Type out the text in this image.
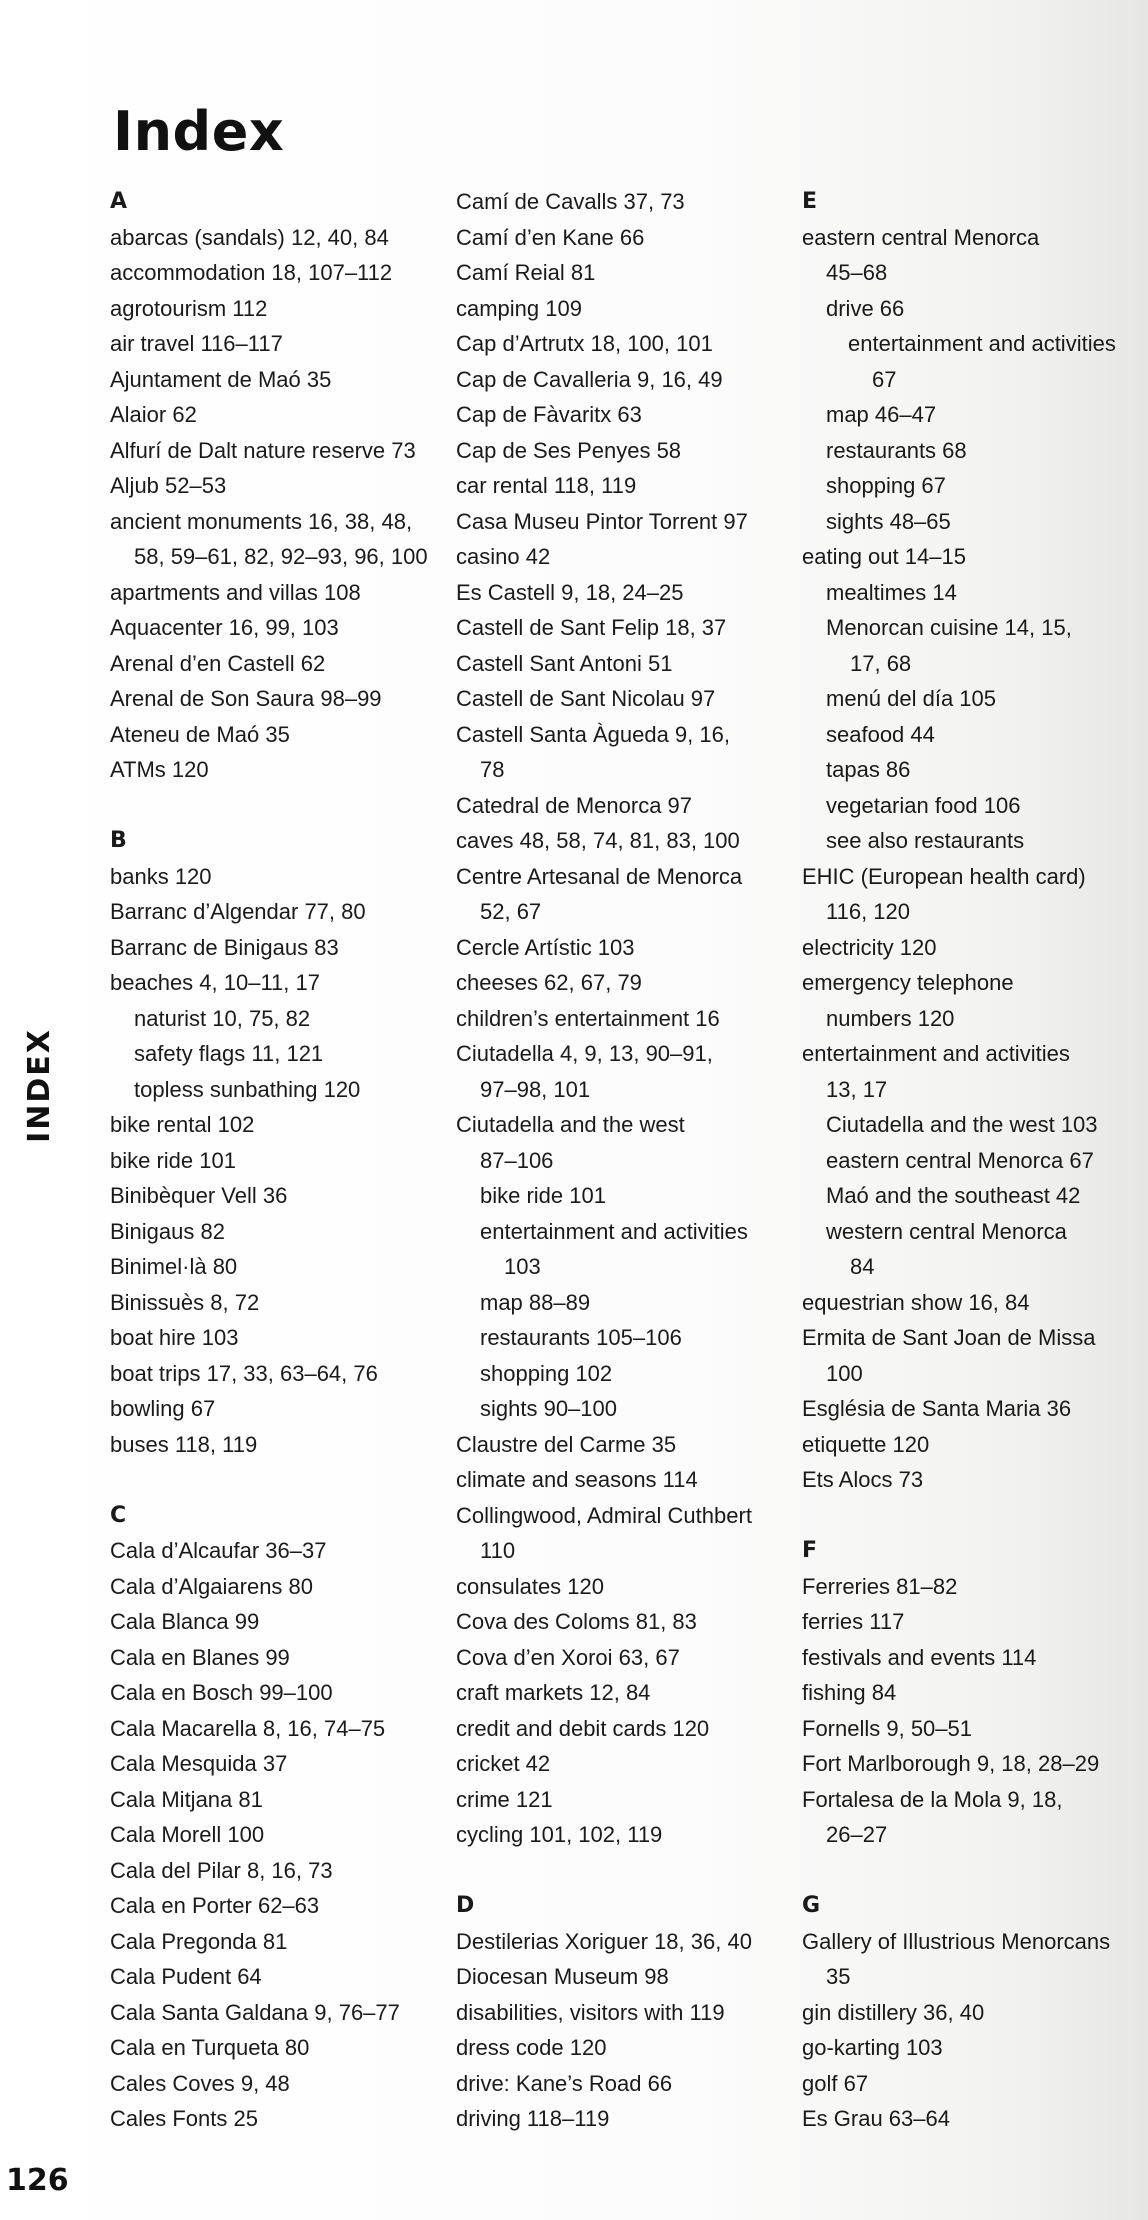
Index
INDEX
A
abarcas (sandals) 12, 40, 84
accommodation 18, 107–112
agrotourism 112
air travel 116–117
Ajuntament de Maó 35
Alaior 62
Alfurí de Dalt nature reserve 73
Aljub 52–53
ancient monuments 16, 38, 48,
58, 59–61, 82, 92–93, 96, 100
apartments and villas 108
Aquacenter 16, 99, 103
Arenal d’en Castell 62
Arenal de Son Saura 98–99
Ateneu de Maó 35
ATMs 120
B
banks 120
Barranc d’Algendar 77, 80
Barranc de Binigaus 83
beaches 4, 10–11, 17
naturist 10, 75, 82
safety flags 11, 121
topless sunbathing 120
bike rental 102
bike ride 101
Binibèquer Vell 36
Binigaus 82
Binimel·là 80
Binissuès 8, 72
boat hire 103
boat trips 17, 33, 63–64, 76
bowling 67
buses 118, 119
C
Cala d’Alcaufar 36–37
Cala d’Algaiarens 80
Cala Blanca 99
Cala en Blanes 99
Cala en Bosch 99–100
Cala Macarella 8, 16, 74–75
Cala Mesquida 37
Cala Mitjana 81
Cala Morell 100
Cala del Pilar 8, 16, 73
Cala en Porter 62–63
Cala Pregonda 81
Cala Pudent 64
Cala Santa Galdana 9, 76–77
Cala en Turqueta 80
Cales Coves 9, 48
Cales Fonts 25
Camí de Cavalls 37, 73
Camí d’en Kane 66
Camí Reial 81
camping 109
Cap d’Artrutx 18, 100, 101
Cap de Cavalleria 9, 16, 49
Cap de Fàvaritx 63
Cap de Ses Penyes 58
car rental 118, 119
Casa Museu Pintor Torrent 97
casino 42
Es Castell 9, 18, 24–25
Castell de Sant Felip 18, 37
Castell Sant Antoni 51
Castell de Sant Nicolau 97
Castell Santa Àgueda 9, 16,
78
Catedral de Menorca 97
caves 48, 58, 74, 81, 83, 100
Centre Artesanal de Menorca
52, 67
Cercle Artístic 103
cheeses 62, 67, 79
children’s entertainment 16
Ciutadella 4, 9, 13, 90–91,
97–98, 101
Ciutadella and the west
87–106
bike ride 101
entertainment and activities
103
map 88–89
restaurants 105–106
shopping 102
sights 90–100
Claustre del Carme 35
climate and seasons 114
Collingwood, Admiral Cuthbert
110
consulates 120
Cova des Coloms 81, 83
Cova d’en Xoroi 63, 67
craft markets 12, 84
credit and debit cards 120
cricket 42
crime 121
cycling 101, 102, 119
D
Destilerias Xoriguer 18, 36, 40
Diocesan Museum 98
disabilities, visitors with 119
dress code 120
drive: Kane’s Road 66
driving 118–119
E
eastern central Menorca
45–68
drive 66
entertainment and activities
67
map 46–47
restaurants 68
shopping 67
sights 48–65
eating out 14–15
mealtimes 14
Menorcan cuisine 14, 15,
17, 68
menú del día 105
seafood 44
tapas 86
vegetarian food 106
see also restaurants
EHIC (European health card)
116, 120
electricity 120
emergency telephone
numbers 120
entertainment and activities
13, 17
Ciutadella and the west 103
eastern central Menorca 67
Maó and the southeast 42
western central Menorca
84
equestrian show 16, 84
Ermita de Sant Joan de Missa
100
Església de Santa Maria 36
etiquette 120
Ets Alocs 73
F
Ferreries 81–82
ferries 117
festivals and events 114
fishing 84
Fornells 9, 50–51
Fort Marlborough 9, 18, 28–29
Fortalesa de la Mola 9, 18,
26–27
G
Gallery of Illustrious Menorcans
35
gin distillery 36, 40
go-karting 103
golf 67
Es Grau 63–64
126
